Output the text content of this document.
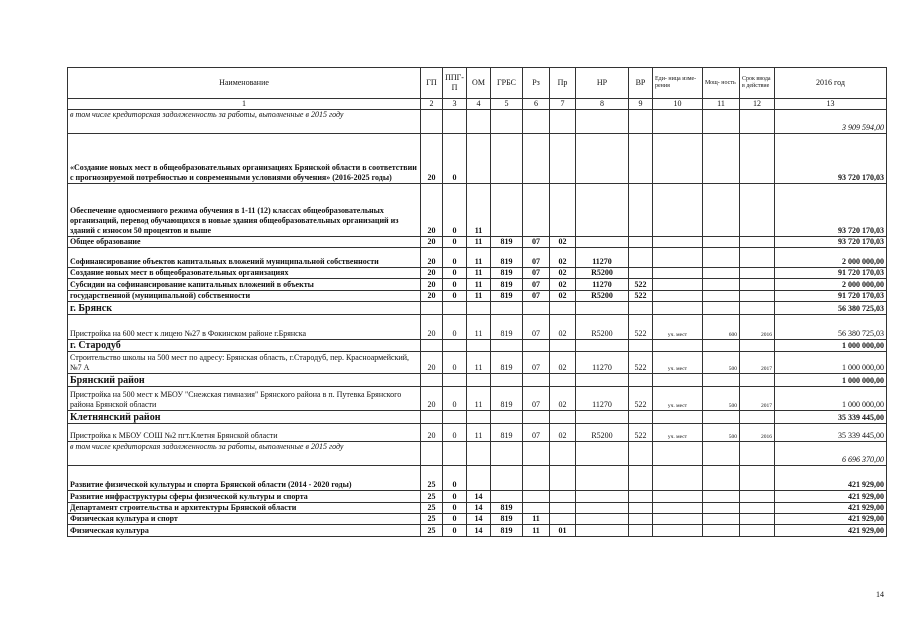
Наименование	ГП	ППГ-П	ОМ	ГРБС	Рз	Пр	НР	ВР	Еди- ница изме- рения	Мощ- ность	Срок ввода в действие	2016 год
1	2	3	4	5	6	7	8	9	10	11	12	13
в том числе кредиторская задолженность за работы, выполненные в 2015 году												3 909 594,00
«Создание новых мест в общеобразовательных организациях Брянской области в соответствии с прогнозируемой потребностью и современными условиями обучения» (2016-2025 годы)	20	0										93 720 170,03
Обеспечение односменного режима обучения в 1-11 (12) классах общеобразовательных организаций, перевод обучающихся в новые здания общеобразовательных организаций из зданий с износом 50 процентов и выше	20	0	11									93 720 170,03
Общее образование	20	0	11	819	07	02						93 720 170,03
Софинансирование объектов капитальных вложений муниципальной собственности	20	0	11	819	07	02	11270					2 000 000,00
Создание новых мест в общеобразовательных организациях	20	0	11	819	07	02	R5200					91 720 170,03
Субсидии на софинансирование капитальных вложений в объекты	20	0	11	819	07	02	11270	522				2 000 000,00
государственной (муниципальной) собственности	20	0	11	819	07	02	R5200	522				91 720 170,03
г. Брянск												56 380 725,03
Пристройка на 600 мест к лицею №27 в Фокинском районе г.Брянска	20	0	11	819	07	02	R5200	522	уч. мест	600	2016	56 380 725,03
г. Стародуб												1 000 000,00
Строительство школы на 500 мест по адресу: Брянская область, г.Стародуб, пер. Красноармейский, №7 А	20	0	11	819	07	02	11270	522	уч. мест	500	2017	1 000 000,00
Брянский район												1 000 000,00
Пристройка на 500 мест к МБОУ "Снежская гимназия" Брянского района в п. Путевка Брянского района Брянской области	20	0	11	819	07	02	11270	522	уч. мест	500	2017	1 000 000,00
Клетнянский район												35 339 445,00
Пристройка к МБОУ СОШ №2 пгт.Клетня Брянской области	20	0	11	819	07	02	R5200	522	уч. мест	500	2016	35 339 445,00
в том числе кредиторская задолженность за работы, выполненные в 2015 году												6 696 370,00
Развитие физической культуры и спорта Брянской области (2014 - 2020 годы)	25	0										421 929,00
Развитие инфраструктуры сферы физической культуры и спорта	25	0	14									421 929,00
Департамент строительства и архитектуры Брянской области	25	0	14	819								421 929,00
Физическая культура и спорт	25	0	14	819	11							421 929,00
Физическая культура	25	0	14	819	11	01						421 929,00
14
